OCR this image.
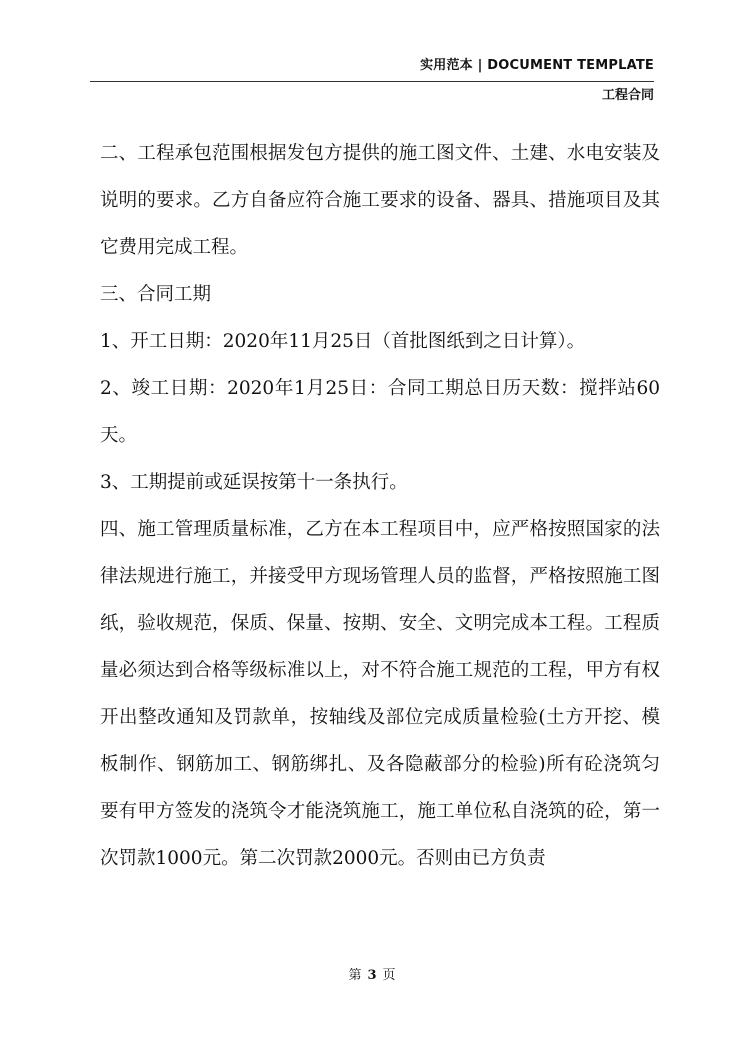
实用范本 | DOCUMENT TEMPLATE
工程合同

二、工程承包范围根据发包方提供的施工图文件、土建、水电安装及说明的要求。乙方自备应符合施工要求的设备、器具、措施项目及其它费用完成工程。

三、合同工期

1、开工日期：2020年11月25日（首批图纸到之日计算）。

2、竣工日期：2020年1月25日：合同工期总日历天数：搅拌站60天。

3、工期提前或延误按第十一条执行。

四、施工管理质量标准，乙方在本工程项目中，应严格按照国家的法律法规进行施工，并接受甲方现场管理人员的监督，严格按照施工图纸，验收规范，保质、保量、按期、安全、文明完成本工程。工程质量必须达到合格等级标准以上，对不符合施工规范的工程，甲方有权开出整改通知及罚款单，按轴线及部位完成质量检验(土方开挖、模板制作、钢筋加工、钢筋绑扎、及各隐蔽部分的检验)所有砼浇筑匀要有甲方签发的浇筑令才能浇筑施工，施工单位私自浇筑的砼，第一次罚款1000元。第二次罚款2000元。否则由已方负责

第 3 页
